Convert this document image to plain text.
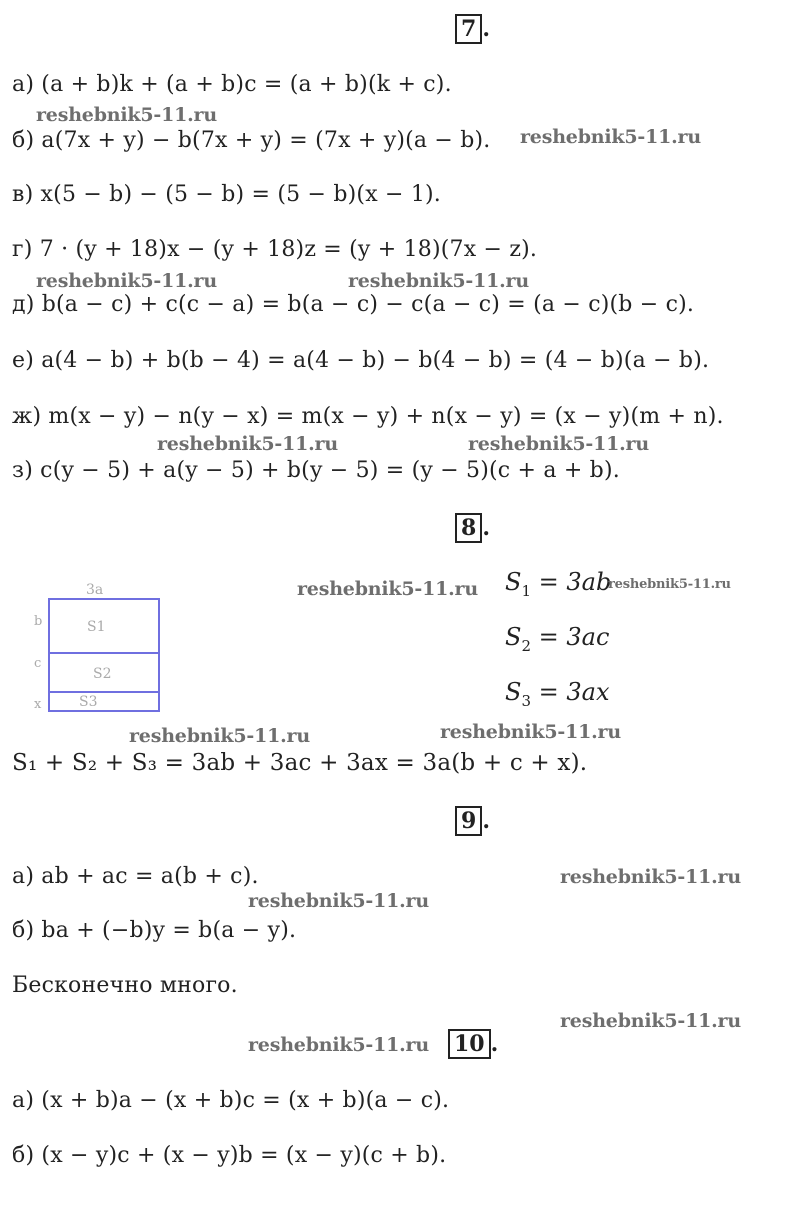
7 .
а) (a + b)k + (a + b)c = (a + b)(k + c).
б) a(7x + y) − b(7x + y) = (7x + y)(a − b).
в) x(5 − b) − (5 − b) = (5 − b)(x − 1).
г) 7 · (y + 18)x − (y + 18)z = (y + 18)(7x − z).
д) b(a − c) + c(c − a) = b(a − c) − c(a − c) = (a − c)(b − c).
е) a(4 − b) + b(b − 4) = a(4 − b) − b(4 − b) = (4 − b)(a − b).
ж) m(x − y) − n(y − x) = m(x − y) + n(x − y) = (x − y)(m + n).
з) c(y − 5) + a(y − 5) + b(y − 5) = (y − 5)(c + a + b).
8 .
3a
b
c
x
S1
S2
S3
$S_1 = 3ab$
$S_2 = 3ac$
$S_3 = 3ax$
S₁ + S₂ + S₃ = 3ab + 3ac + 3ax = 3a(b + c + x).
9 .
а) ab + ac = a(b + c).
б) ba + (−b)y = b(a − y).
Бесконечно много.
10 .
а) (x + b)a − (x + b)c = (x + b)(a − c).
б) (x − y)c + (x − y)b = (x − y)(c + b).
reshebnik5-11.ru
reshebnik5-11.ru
reshebnik5-11.ru	reshebnik5-11.ru
reshebnik5-11.ru	reshebnik5-11.ru
reshebnik5-11.ru	reshebnik5-11.ru
reshebnik5-11.ru	reshebnik5-11.ru
reshebnik5-11.ru
reshebnik5-11.ru
reshebnik5-11.ru
reshebnik5-11.ru
